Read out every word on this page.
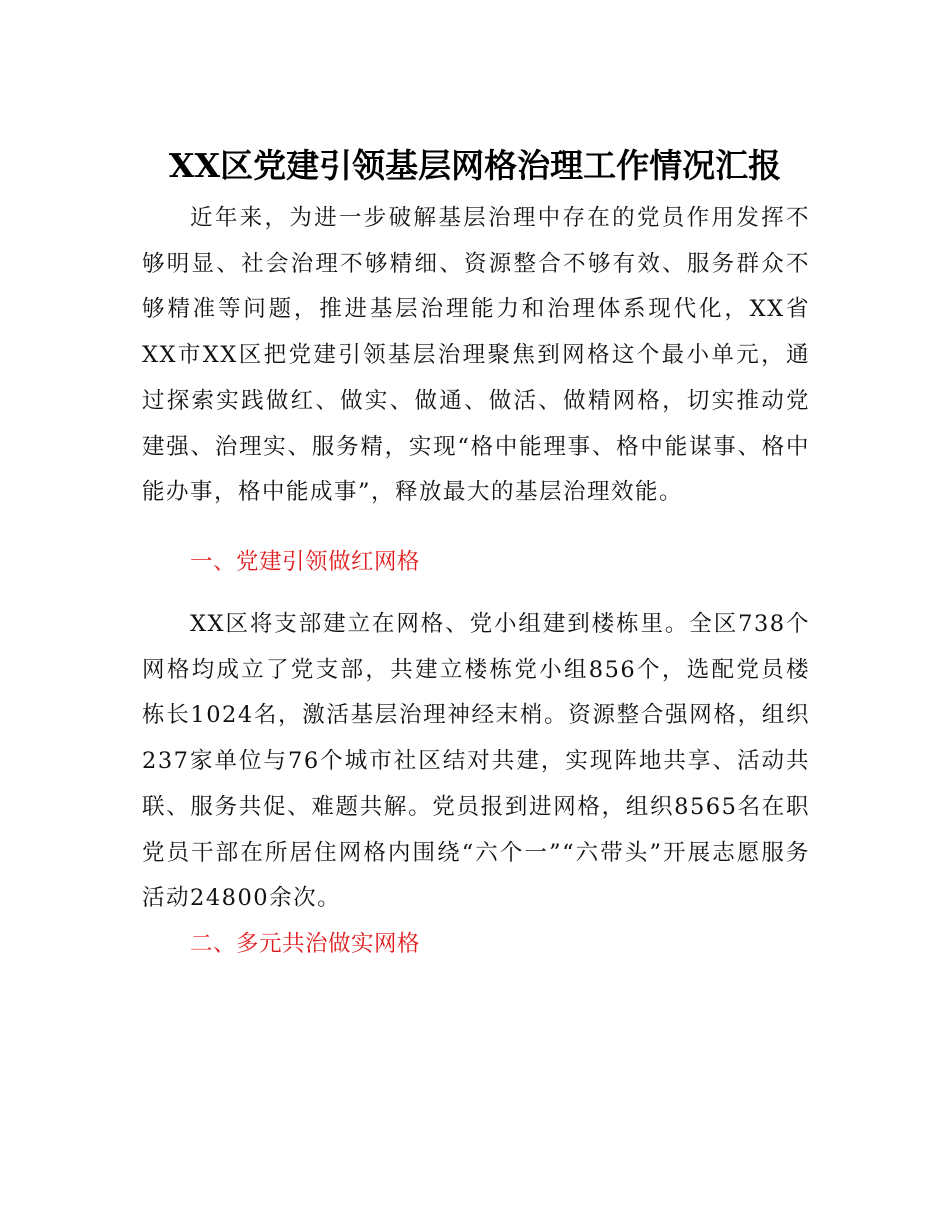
XX区党建引领基层网格治理工作情况汇报
近年来，为进一步破解基层治理中存在的党员作用发挥不够明显、社会治理不够精细、资源整合不够有效、服务群众不够精准等问题，推进基层治理能力和治理体系现代化，XX省XX市XX区把党建引领基层治理聚焦到网格这个最小单元，通过探索实践做红、做实、做通、做活、做精网格，切实推动党建强、治理实、服务精，实现“格中能理事、格中能谋事、格中能办事，格中能成事”，释放最大的基层治理效能。
一、党建引领做红网格
XX区将支部建立在网格、党小组建到楼栋里。全区738个网格均成立了党支部，共建立楼栋党小组856个，选配党员楼栋长1024名，激活基层治理神经末梢。资源整合强网格，组织237家单位与76个城市社区结对共建，实现阵地共享、活动共联、服务共促、难题共解。党员报到进网格，组织8565名在职党员干部在所居住网格内围绕“六个一”“六带头”开展志愿服务活动24800余次。
二、多元共治做实网格
